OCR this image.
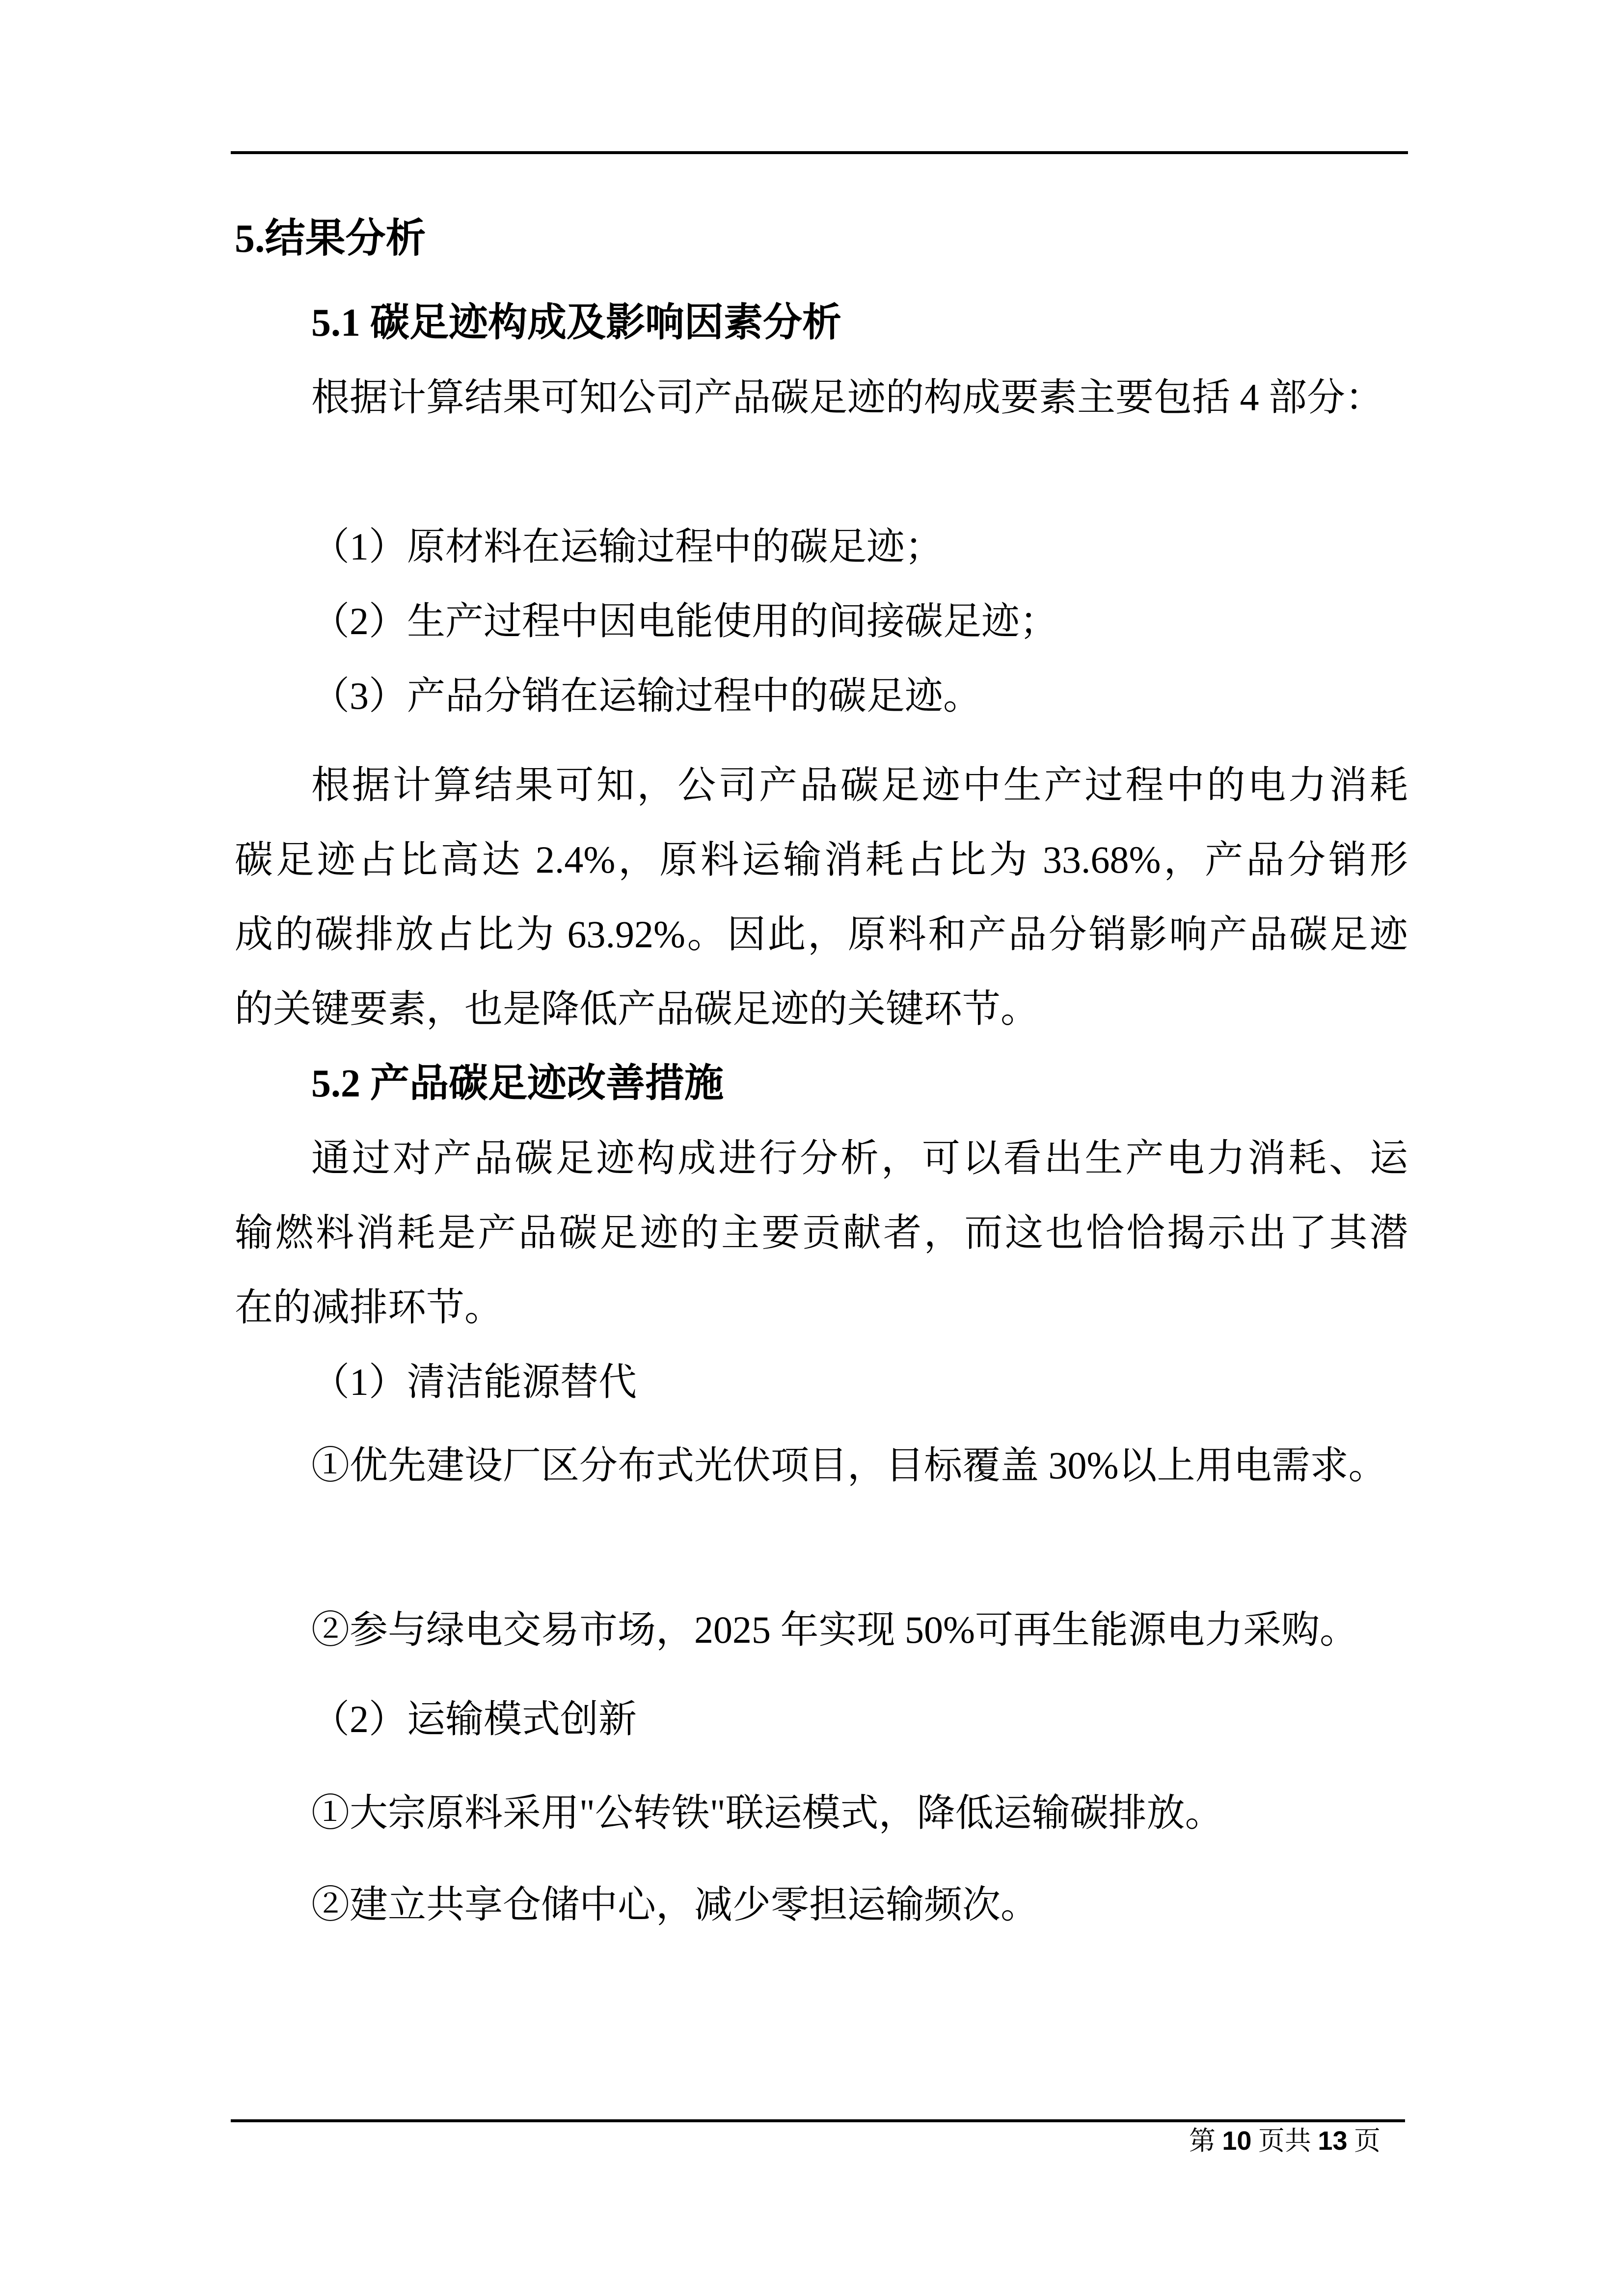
5.结果分析
5.1 碳足迹构成及影响因素分析
根据计算结果可知公司产品碳足迹的构成要素主要包括 4 部分：

（1）原材料在运输过程中的碳足迹；
（2）生产过程中因电能使用的间接碳足迹；
（3）产品分销在运输过程中的碳足迹。
根据计算结果可知，公司产品碳足迹中生产过程中的电力消耗
碳足迹占比高达 2.4%，原料运输消耗占比为 33.68%，产品分销形
成的碳排放占比为 63.92%。因此，原料和产品分销影响产品碳足迹
的关键要素，也是降低产品碳足迹的关键环节。
5.2 产品碳足迹改善措施
通过对产品碳足迹构成进行分析，可以看出生产电力消耗、运
输燃料消耗是产品碳足迹的主要贡献者，而这也恰恰揭示出了其潜
在的减排环节。
（1）清洁能源替代
①优先建设厂区分布式光伏项目，目标覆盖 30%以上用电需求。

②参与绿电交易市场，2025 年实现 50%可再生能源电力采购。
（2）运输模式创新
①大宗原料采用"公转铁"联运模式，降低运输碳排放。
②建立共享仓储中心，减少零担运输频次。
第 10 页共 13 页
